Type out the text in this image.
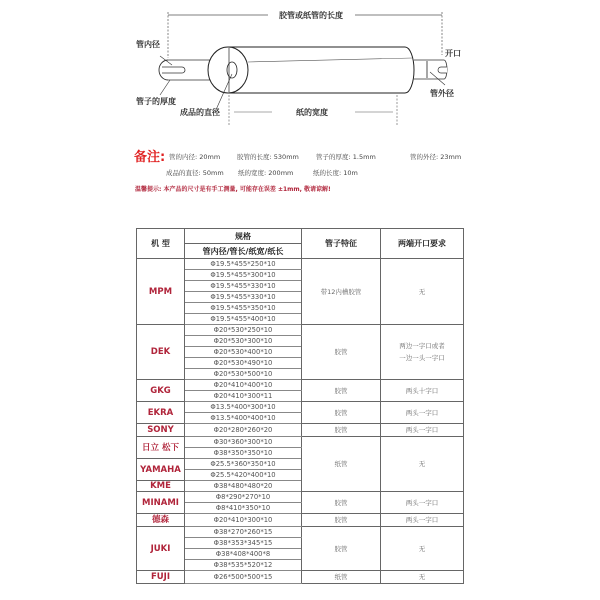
胶管或纸管的长度
管内径
管子的厚度
成品的直径	纸的宽度
开口
管外径
备注: 管的内径: 20mm	胶管的长度: 530mm	管子的厚度: 1.5mm	管的外径: 23mm
成品的直径: 50mm 纸的宽度: 200mm	纸的长度: 10m
温馨提示: 本产品的尺寸是有手工测量, 可能存在误差 ±1mm, 敬请谅解!
机 型	规格	管子特征	两端开口要求
	管内径/管长/纸宽/纸长		
MPM	Φ19.5*455*250*10	带12内槽胶管	无
	Φ19.5*455*300*10		
	Φ19.5*455*330*10		
	Φ19.5*455*330*10		
	Φ19.5*455*350*10		
	Φ19.5*455*400*10		
DEK	Φ20*530*250*10	胶管	两边一字口或者
一边一头一字口
	Φ20*530*300*10		
	Φ20*530*400*10		
	Φ20*530*490*10		
	Φ20*530*500*10		
GKG	Φ20*410*400*10	胶管	两头十字口
	Φ20*410*300*11		
EKRA	Φ13.5*400*300*10	胶管	两头一字口
	Φ13.5*400*400*10		
SONY	Φ20*280*260*20	胶管	两头一字口
日立 松下	Φ30*360*300*10	纸管	无
	Φ38*350*350*10		
YAMAHA	Φ25.5*360*350*10		
	Φ25.5*420*400*10		
KME	Φ38*480*480*20		
MINAMI	Φ8*290*270*10	胶管	两头一字口
	Φ8*410*350*10		
德森	Φ20*410*300*10	胶管	两头一字口
JUKI	Φ38*270*260*15	胶管	无
	Φ38*353*345*15		
	Φ38*408*400*8		
	Φ38*535*520*12		
FUJI	Φ26*500*500*15	纸管	无
